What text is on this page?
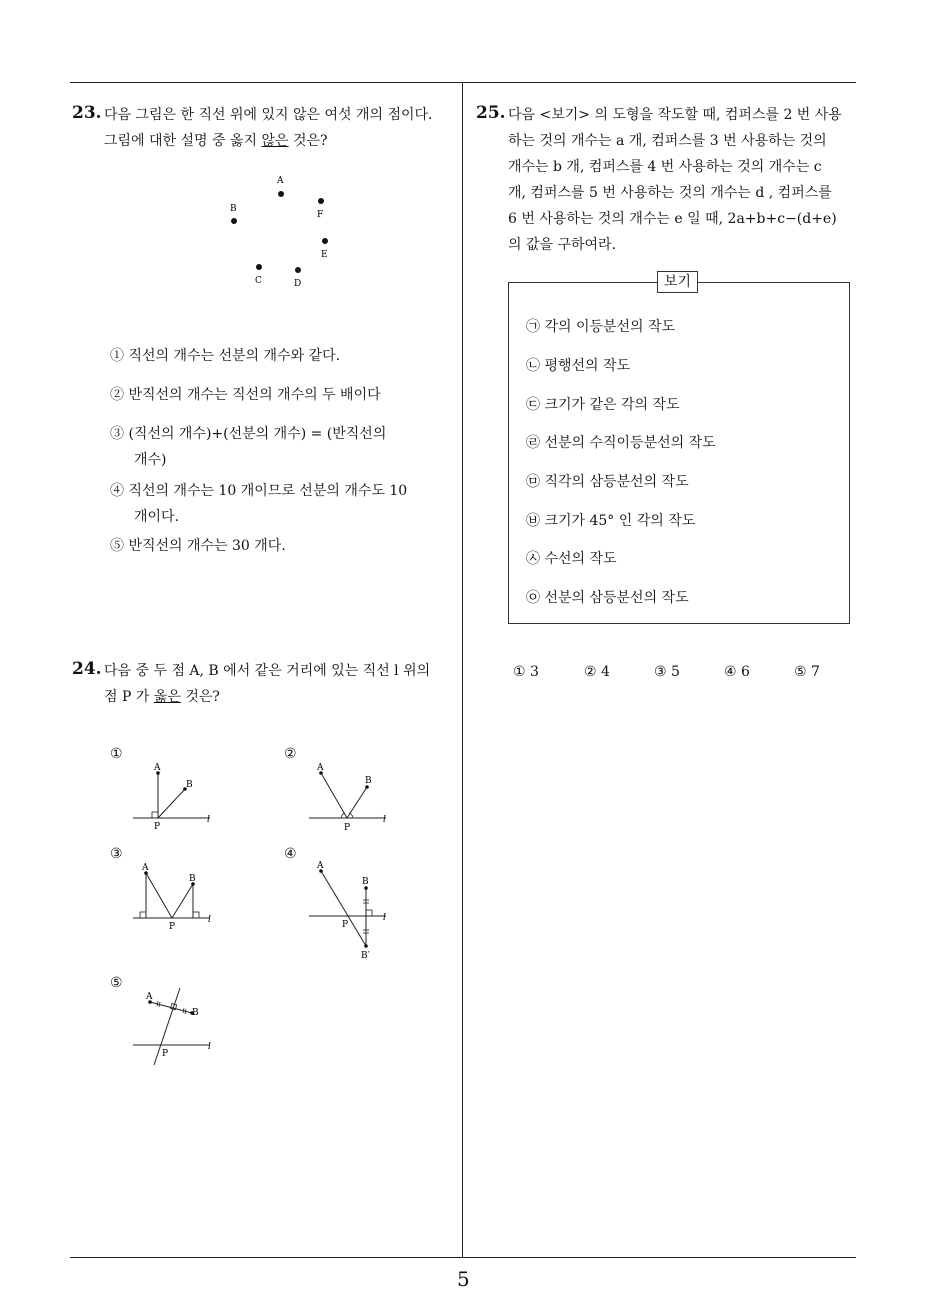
23. 다음 그림은 한 직선 위에 있지 않은 여섯 개의 점이다.
그림에 대한 설명 중 옳지 않은 것은?
A
B
C	D
E
F
① 직선의 개수는 선분의 개수와 같다.
② 반직선의 개수는 직선의 개수의 두 배이다
③ (직선의 개수)+(선분의 개수) = (반직선의
개수)
④ 직선의 개수는 10 개이므로 선분의 개수도 10
개이다.
⑤ 반직선의 개수는 30 개다.
24. 다음 중 두 점 A, B 에서 같은 거리에 있는 직선 l 위의
점 P 가 옳은 것은?
①
A
B
P
l
②
A
B
P
l
③
A
B
P
l
④
A
B
P
B′
l
⑤
A
B
P
l
25. 다음 <보기> 의 도형을 작도할 때, 컴퍼스를 2 번 사용
하는 것의 개수는 a 개, 컴퍼스를 3 번 사용하는 것의
개수는 b 개, 컴퍼스를 4 번 사용하는 것의 개수는 c
개, 컴퍼스를 5 번 사용하는 것의 개수는 d , 컴퍼스를
6 번 사용하는 것의 개수는 e 일 때, 2a+b+c−(d+e)
의 값을 구하여라.
보기
㉠ 각의 이등분선의 작도
㉡ 평행선의 작도
㉢ 크기가 같은 각의 작도
㉣ 선분의 수직이등분선의 작도
㉤ 직각의 삼등분선의 작도
㉥ 크기가 45° 인 각의 작도
㉦ 수선의 작도
㉧ 선분의 삼등분선의 작도
① 3	② 4	③ 5	④ 6	⑤ 7
5
